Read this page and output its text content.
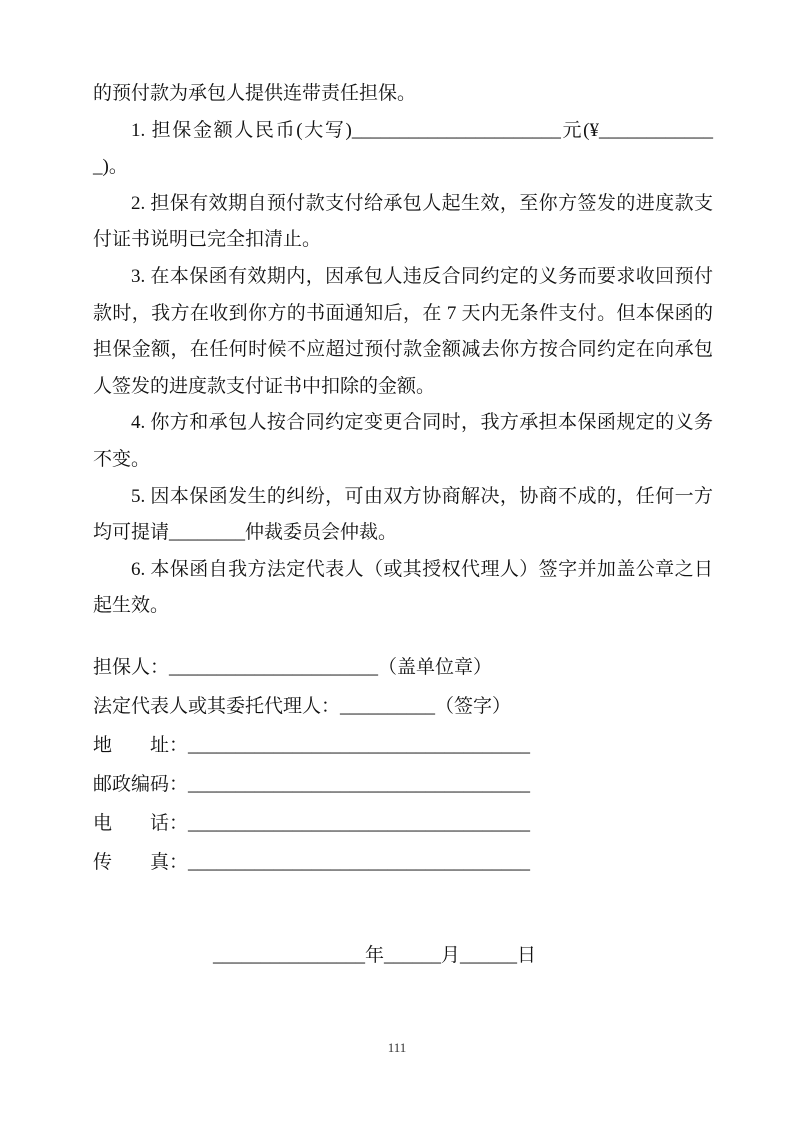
的预付款为承包人提供连带责任担保。

1. 担保金额人民币(大写)______________________元(¥_____________)。

2. 担保有效期自预付款支付给承包人起生效，至你方签发的进度款支付证书说明已完全扣清止。

3. 在本保函有效期内，因承包人违反合同约定的义务而要求收回预付款时，我方在收到你方的书面通知后，在 7 天内无条件支付。但本保函的担保金额，在任何时候不应超过预付款金额减去你方按合同约定在向承包人签发的进度款支付证书中扣除的金额。

4. 你方和承包人按合同约定变更合同时，我方承担本保函规定的义务不变。

5. 因本保函发生的纠纷，可由双方协商解决，协商不成的，任何一方均可提请________仲裁委员会仲裁。

6. 本保函自我方法定代表人（或其授权代理人）签字并加盖公章之日起生效。

担保人：______________________（盖单位章）
法定代表人或其委托代理人：__________（签字）
地　　址：____________________________________
邮政编码：____________________________________
电　　话：____________________________________
传　　真：____________________________________
________________年______月______日
111
